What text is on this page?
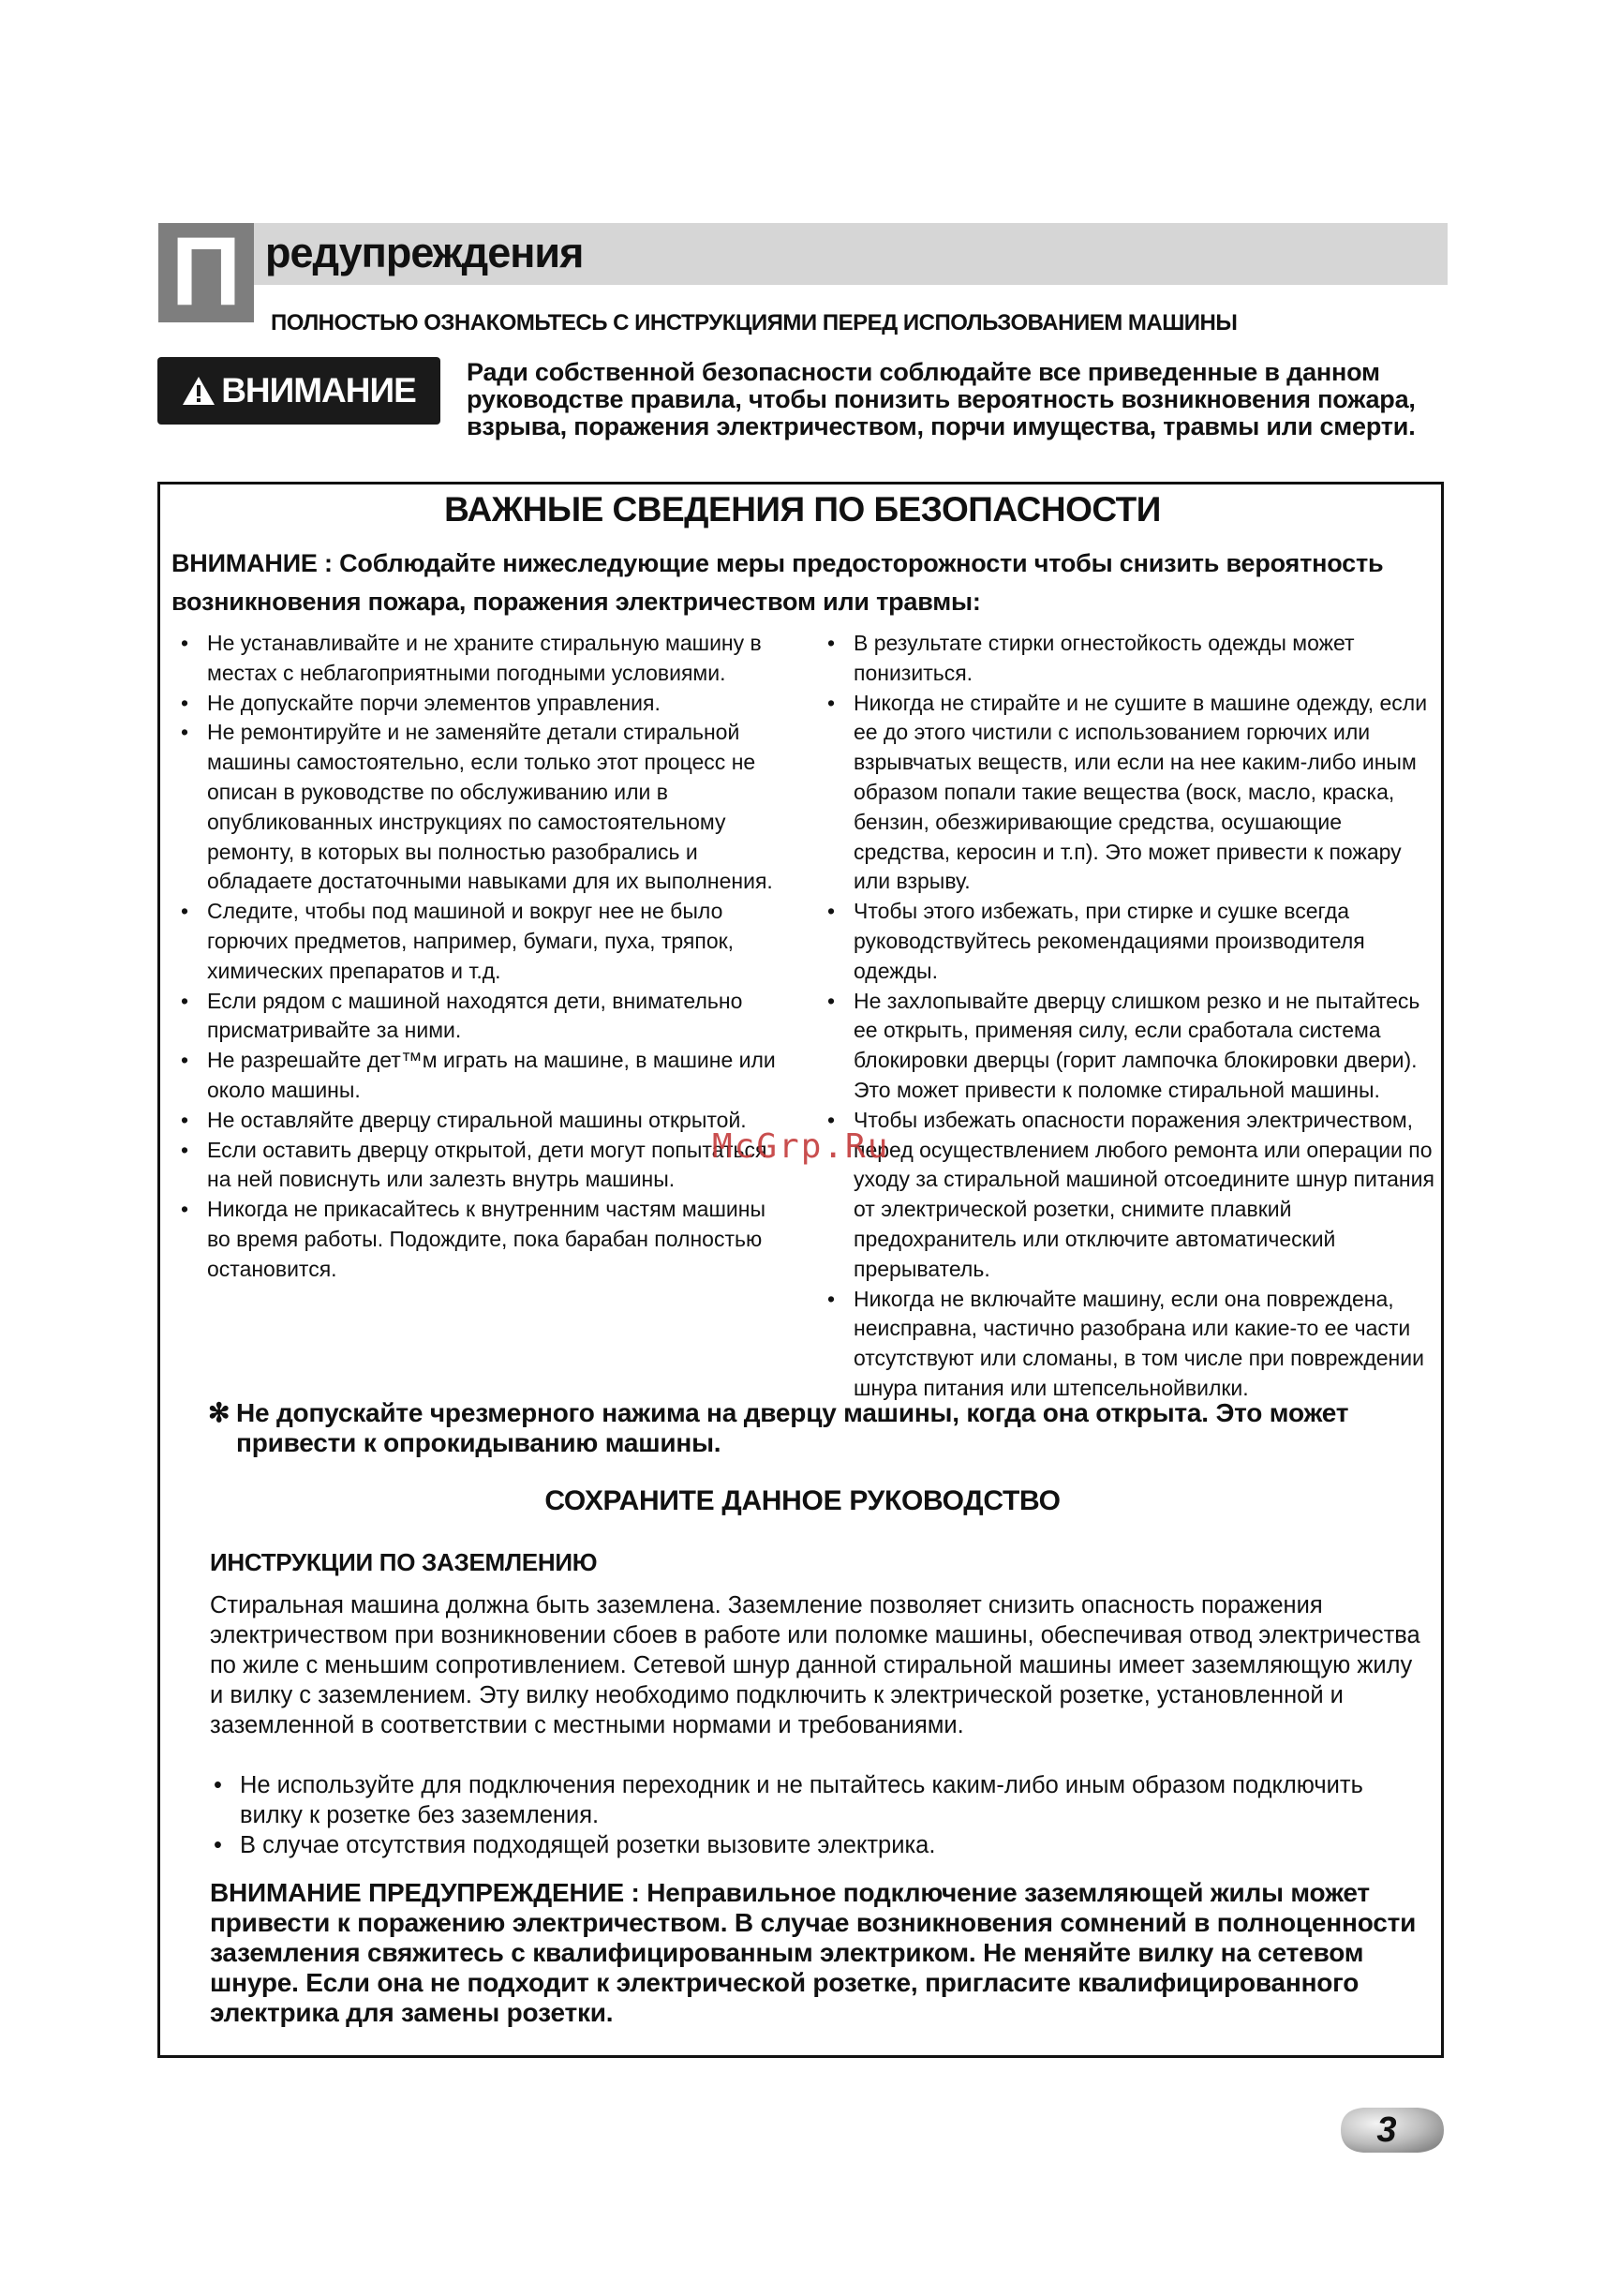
П редупреждения
ПОЛНОСТЬЮ ОЗНАКОМЬТЕСЬ С ИНСТРУКЦИЯМИ ПЕРЕД ИСПОЛЬЗОВАНИЕМ МАШИНЫ
ВНИМАНИЕ Ради собственной безопасности соблюдайте все приведенные в данном руководстве правила, чтобы понизить вероятность возникновения пожара, взрыва, поражения электричеством, порчи имущества, травмы или смерти.
ВАЖНЫЕ СВЕДЕНИЯ ПО БЕЗОПАСНОСТИ
ВНИМАНИЕ : Соблюдайте нижеследующие меры предосторожности чтобы снизить вероятность возникновения пожара, поражения электричеством или травмы:
• Не устанавливайте и не храните стиральную машину в местах с неблагоприятными погодными условиями.
• Не допускайте порчи элементов управления.
• Не ремонтируйте и не заменяйте детали стиральной машины самостоятельно, если только этот процесс не описан в руководстве по обслуживанию или в опубликованных инструкциях по самостоятельному ремонту, в которых вы полностью разобрались и обладаете достаточными навыками для их выполнения.
• Следите, чтобы под машиной и вокруг нее не было горючих предметов, например, бумаги, пуха, тряпок, химических препаратов и т.д.
• Если рядом с машиной находятся дети, внимательно присматривайте за ними.
• Не разрешайте дет™м играть на машине, в машине или около машины.
• Не оставляйте дверцу стиральной машины открытой.
• Если оставить дверцу открытой, дети могут попытаться на ней повиснуть или залезть внутрь машины.
• Никогда не прикасайтесь к внутренним частям машины во время работы. Подождите, пока барабан полностью остановится.
• В результате стирки огнестойкость одежды может понизиться.
• Никогда не стирайте и не сушите в машине одежду, если ее до этого чистили с использованием горючих или взрывчатых веществ, или если на нее каким-либо иным образом попали такие вещества (воск, масло, краска, бензин, обезжиривающие средства, осушающие средства, керосин и т.п). Это может привести к пожару или взрыву.
• Чтобы этого избежать, при стирке и сушке всегда руководствуйтесь рекомендациями производителя одежды.
• Не захлопывайте дверцу слишком резко и не пытайтесь ее открыть, применяя силу, если сработала система блокировки дверцы (горит лампочка блокировки двери). Это может привести к поломке стиральной машины.
• Чтобы избежать опасности поражения электричеством, перед осуществлением любого ремонта или операции по уходу за стиральной машиной отсоедините шнур питания от электрической розетки, снимите плавкий предохранитель или отключите автоматический прерыватель.
• Никогда не включайте машину, если она повреждена, неисправна, частично разобрана или какие-то ее части отсутствуют или сломаны, в том числе при повреждении шнура питания или штепсельнойвилки.
✻ Не допускайте чрезмерного нажима на дверцу машины, когда она открыта. Это может привести к опрокидыванию машины.
СОХРАНИТЕ ДАННОЕ РУКОВОДСТВО
ИНСТРУКЦИИ ПО ЗАЗЕМЛЕНИЮ
Стиральная машина должна быть заземлена. Заземление позволяет снизить опасность поражения электричеством при возникновении сбоев в работе или поломке машины, обеспечивая отвод электричества по жиле с меньшим сопротивлением. Сетевой шнур данной стиральной машины имеет заземляющую жилу и вилку с заземлением. Эту вилку необходимо подключить к электрической розетке, установленной и заземленной в соответствии с местными нормами и требованиями.
• Не используйте для подключения переходник и не пытайтесь каким-либо иным образом подключить вилку к розетке без заземления.
• В случае отсутствия подходящей розетки вызовите электрика.
ВНИМАНИЕ ПРЕДУПРЕЖДЕНИЕ : Неправильное подключение заземляющей жилы может привести к поражению электричеством. В случае возникновения сомнений в полноценности заземления свяжитесь с квалифицированным электриком. Не меняйте вилку на сетевом шнуре. Если она не подходит к электрической розетке, пригласите квалифицированного электрика для замены розетки.
McGrp.Ru
3
